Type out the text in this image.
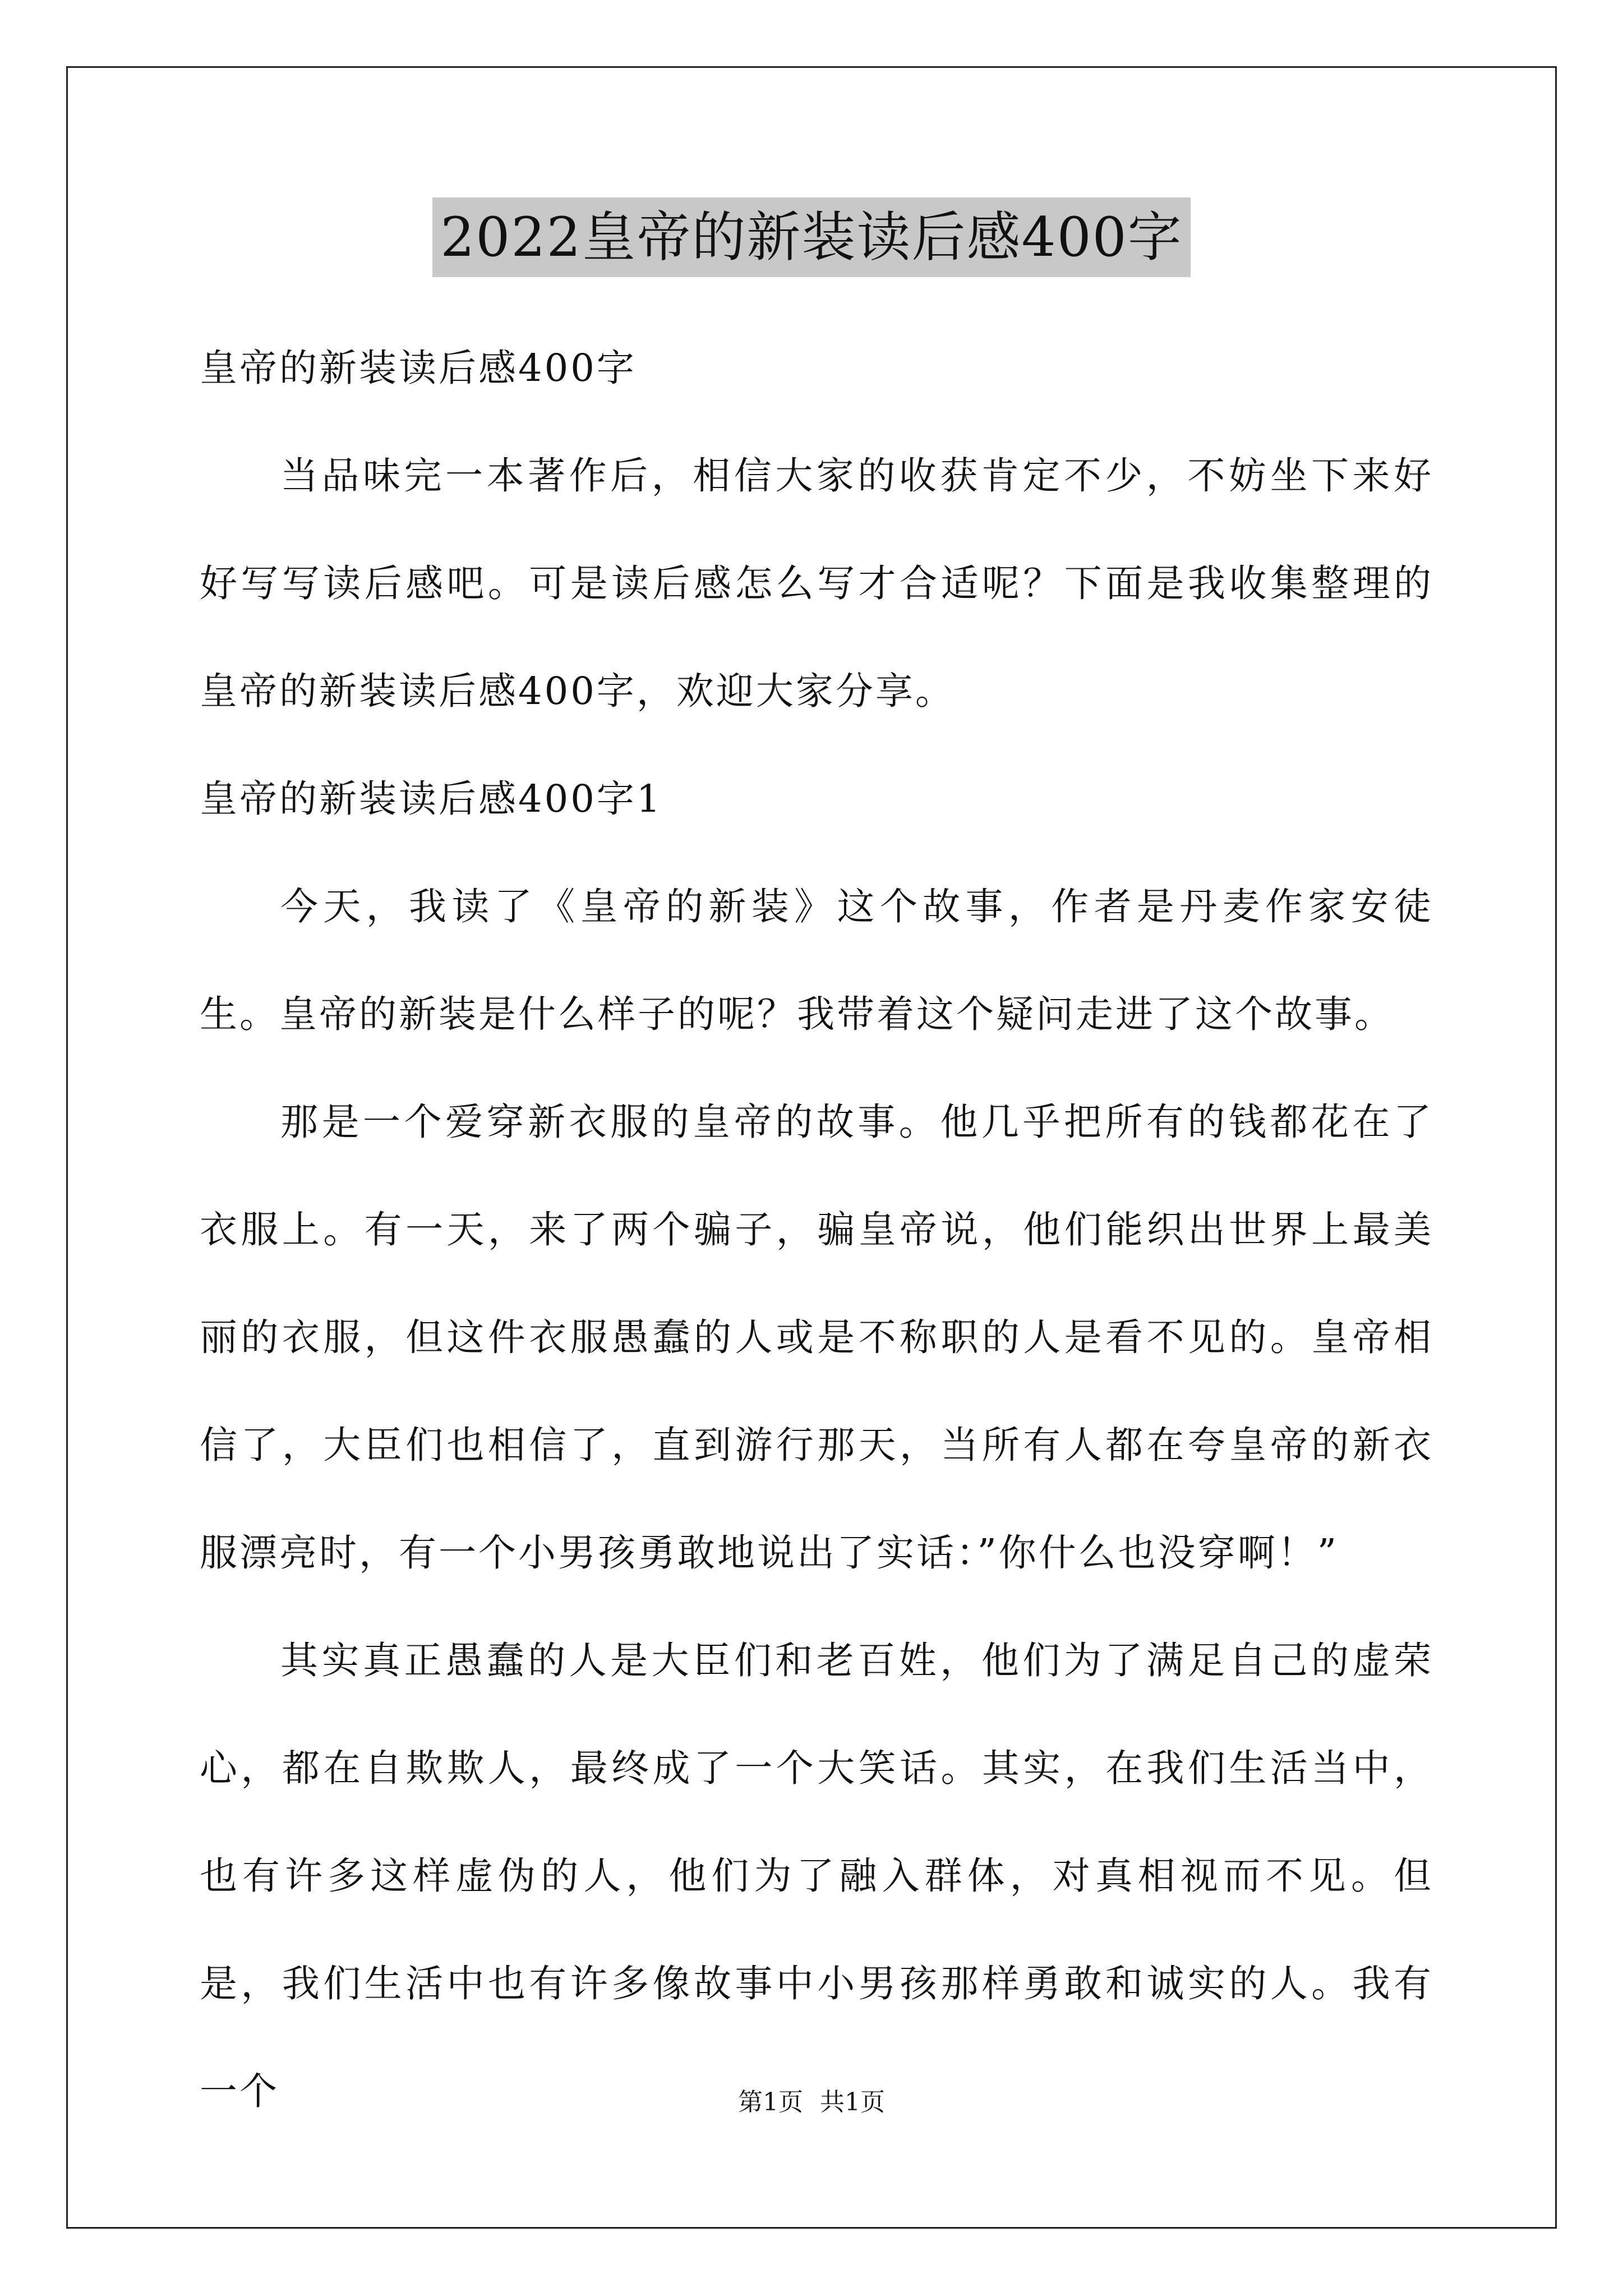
2022皇帝的新装读后感400字

皇帝的新装读后感400字

当品味完一本著作后，相信大家的收获肯定不少，不妨坐下来好好写写读后感吧。可是读后感怎么写才合适呢？下面是我收集整理的皇帝的新装读后感400字，欢迎大家分享。

皇帝的新装读后感400字1

今天，我读了《皇帝的新装》这个故事，作者是丹麦作家安徒生。皇帝的新装是什么样子的呢？我带着这个疑问走进了这个故事。

那是一个爱穿新衣服的皇帝的故事。他几乎把所有的钱都花在了衣服上。有一天，来了两个骗子，骗皇帝说，他们能织出世界上最美丽的衣服，但这件衣服愚蠢的人或是不称职的人是看不见的。皇帝相信了，大臣们也相信了，直到游行那天，当所有人都在夸皇帝的新衣服漂亮时，有一个小男孩勇敢地说出了实话：”你什么也没穿啊！”

其实真正愚蠢的人是大臣们和老百姓，他们为了满足自己的虚荣心，都在自欺欺人，最终成了一个大笑话。其实，在我们生活当中，也有许多这样虚伪的人，他们为了融入群体，对真相视而不见。但是，我们生活中也有许多像故事中小男孩那样勇敢和诚实的人。我有一个	第1页 共1页
